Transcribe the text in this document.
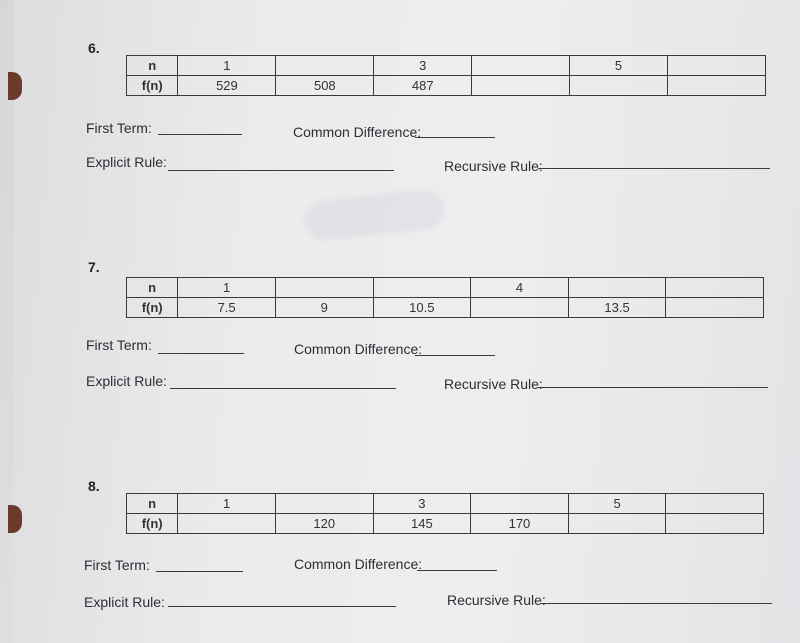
6.
n	1		3		5	
f(n)	529	508	487			
First Term:	Common Difference:
Explicit Rule:	Recursive Rule:
7.
n	1			4		
f(n)	7.5	9	10.5		13.5	
First Term:	Common Difference:
Explicit Rule:	Recursive Rule:
8.
n	1		3		5	
f(n)		120	145	170		
First Term:	Common Difference:
Explicit Rule:	Recursive Rule:
